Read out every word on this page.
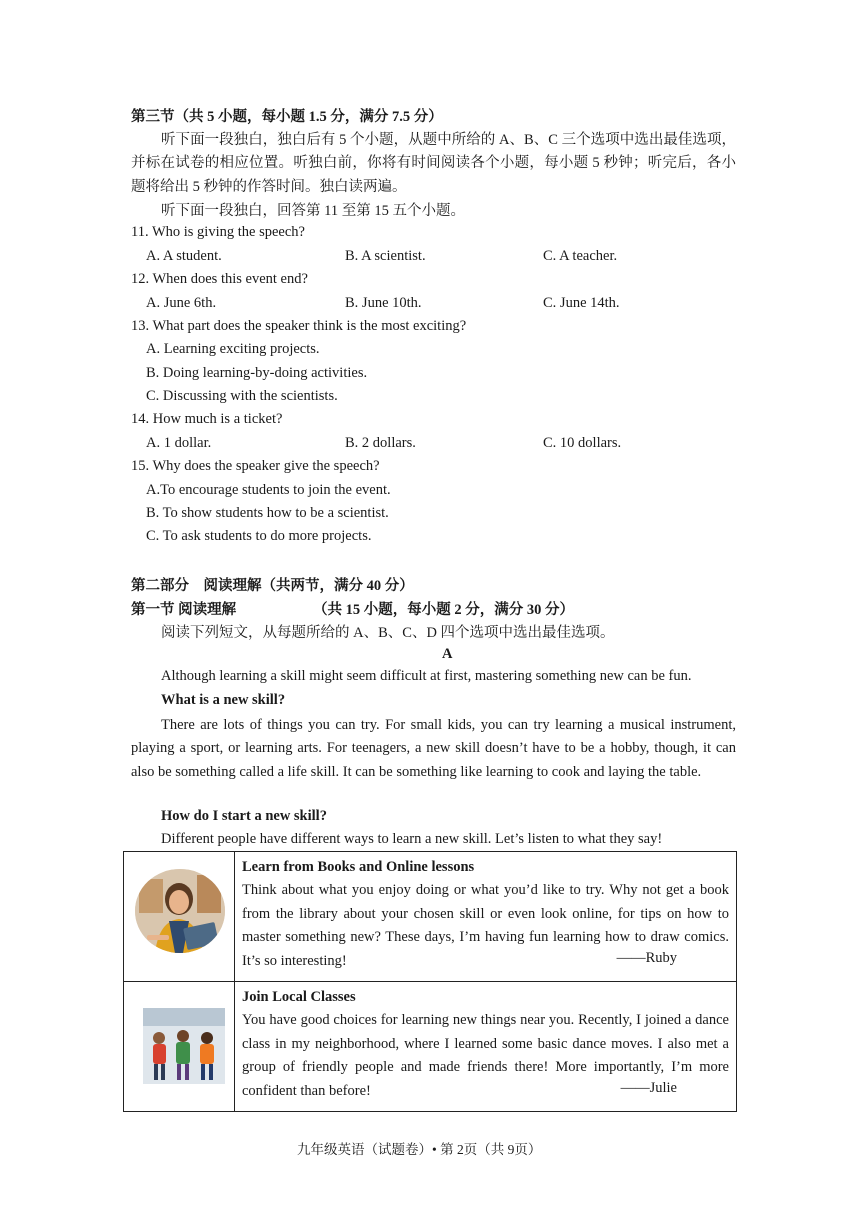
第三节（共 5 小题，每小题 1.5 分，满分 7.5 分）
听下面一段独白，独白后有 5 个小题，从题中所给的 A、B、C 三个选项中选出最佳选项，并标在试卷的相应位置。听独白前，你将有时间阅读各个小题，每小题 5 秒钟；听完后，各小题将给出 5 秒钟的作答时间。独白读两遍。
听下面一段独白，回答第 11 至第 15 五个小题。
11. Who is giving the speech?
A. A student.	B. A scientist.	C. A teacher.
12. When does this event end?
A. June 6th.	B. June 10th.	C. June 14th.
13. What part does the speaker think is the most exciting?
A. Learning exciting projects.
B. Doing learning-by-doing activities.
C. Discussing with the scientists.
14. How much is a ticket?
A. 1 dollar.	B. 2 dollars.	C. 10 dollars.
15. Why does the speaker give the speech?
A.To encourage students to join the event.
B. To show students how to be a scientist.
C. To ask students to do more projects.
第二部分　阅读理解（共两节，满分 40 分）
第一节 阅读理解	（共 15 小题，每小题 2 分，满分 30 分）
阅读下列短文，从每题所给的 A、B、C、D 四个选项中选出最佳选项。
A
Although learning a skill might seem difficult at first, mastering something new can be fun.
What is a new skill?
There are lots of things you can try. For small kids, you can try learning a musical instrument, playing a sport, or learning arts. For teenagers, a new skill doesn’t have to be a hobby, though, it can also be something called a life skill. It can be something like learning to cook and laying the table.
How do I start a new skill?
Different people have different ways to learn a new skill. Let’s listen to what they say!

Learn from Books and Online lessons
Think about what you enjoy doing or what you’d like to try. Why not get a book from the library about your chosen skill or even look online, for tips on how to master something new? These days, I’m having fun learning how to draw comics. It’s so interesting! ——Ruby

Join Local Classes
You have good choices for learning new things near you. Recently, I joined a dance class in my neighborhood, where I learned some basic dance moves. I also met a group of friendly people and made friends there! More importantly, I’m more confident than before! ——Julie
九年级英语（试题卷）• 第 2页（共 9页）
